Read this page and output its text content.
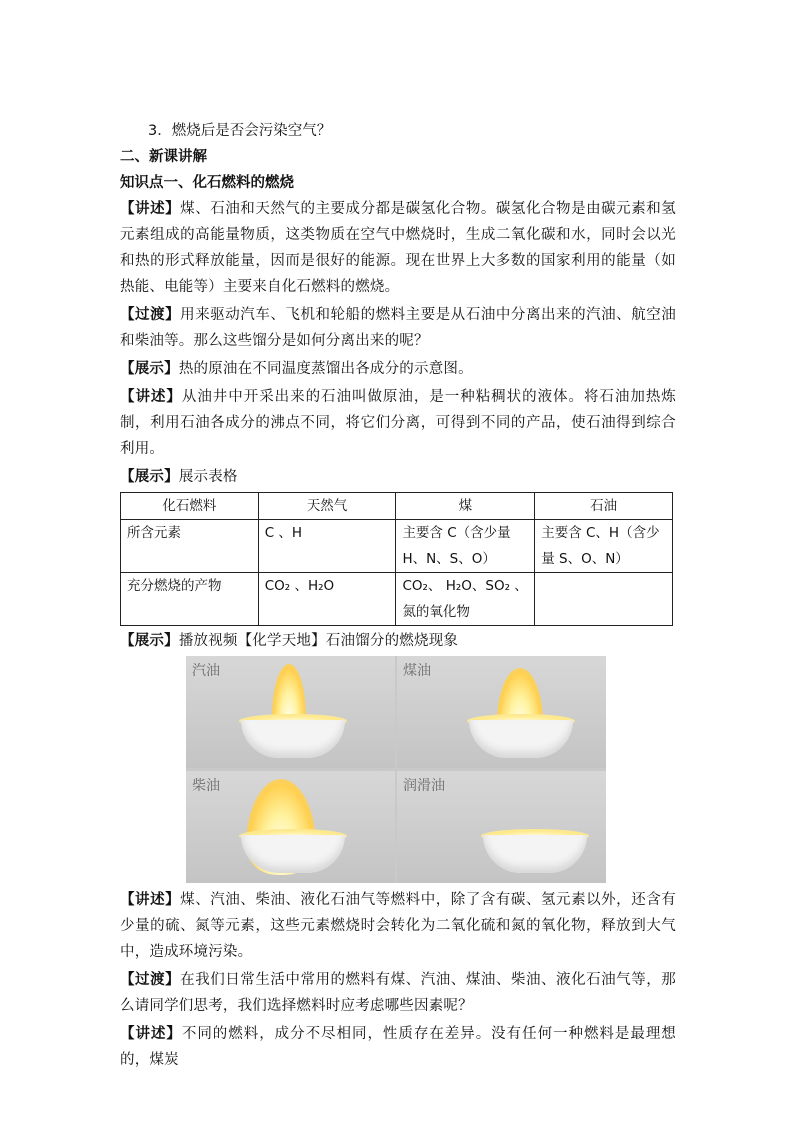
3．燃烧后是否会污染空气？

二、新课讲解

知识点一、化石燃料的燃烧

【讲述】煤、石油和天然气的主要成分都是碳氢化合物。碳氢化合物是由碳元素和氢元素组成的高能量物质，这类物质在空气中燃烧时，生成二氧化碳和水，同时会以光和热的形式释放能量，因而是很好的能源。现在世界上大多数的国家利用的能量（如热能、电能等）主要来自化石燃料的燃烧。

【过渡】用来驱动汽车、飞机和轮船的燃料主要是从石油中分离出来的汽油、航空油和柴油等。那么这些馏分是如何分离出来的呢？

【展示】热的原油在不同温度蒸馏出各成分的示意图。

【讲述】从油井中开采出来的石油叫做原油，是一种粘稠状的液体。将石油加热炼制，利用石油各成分的沸点不同，将它们分离，可得到不同的产品，使石油得到综合利用。

【展示】展示表格

化石燃料	天然气	煤	石油
所含元素	C 、H	主要含 C（含少量 H、N、S、O）	主要含 C、H（含少量 S、O、N）
充分燃烧的产物	CO₂ 、H₂O	CO₂、 H₂O、SO₂ 、氮的氧化物	

【展示】播放视频【化学天地】石油馏分的燃烧现象

汽油	煤油
柴油	润滑油

【讲述】煤、汽油、柴油、液化石油气等燃料中，除了含有碳、氢元素以外，还含有少量的硫、氮等元素，这些元素燃烧时会转化为二氧化硫和氮的氧化物，释放到大气中，造成环境污染。

【过渡】在我们日常生活中常用的燃料有煤、汽油、煤油、柴油、液化石油气等，那么请同学们思考，我们选择燃料时应考虑哪些因素呢？

【讲述】不同的燃料，成分不尽相同，性质存在差异。没有任何一种燃料是最理想的，煤炭
